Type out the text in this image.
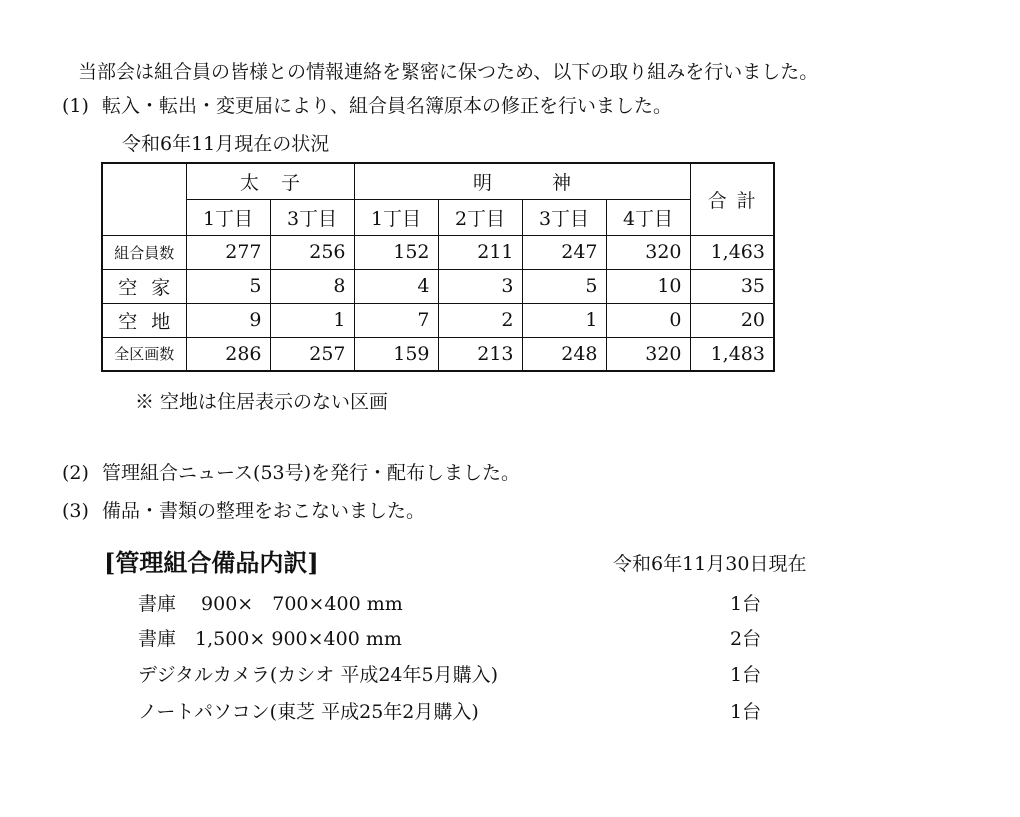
当部会は組合員の皆様との情報連絡を緊密に保つため、以下の取り組みを行いました。
(1) 転入・転出・変更届により、組合員名簿原本の修正を行いました。
令和6年11月現在の状況
	太子		明神				合計
	1丁目	3丁目	1丁目	2丁目	3丁目	4丁目	
組合員数	277	256	152	211	247	320	1,463
空家	5	8	4	3	5	10	35
空地	9	1	7	2	1	0	20
全区画数	286	257	159	213	248	320	1,483
※ 空地は住居表示のない区画
(2) 管理組合ニュース(53号)を発行・配布しました。
(3) 備品・書類の整理をおこないました。
[管理組合備品内訳]	令和6年11月30日現在
書庫　 900×　700×400 mm	1台
書庫　1,500× 900×400 mm	2台
デジタルカメラ(カシオ 平成24年5月購入)	1台
ノートパソコン(東芝 平成25年2月購入)	1台
